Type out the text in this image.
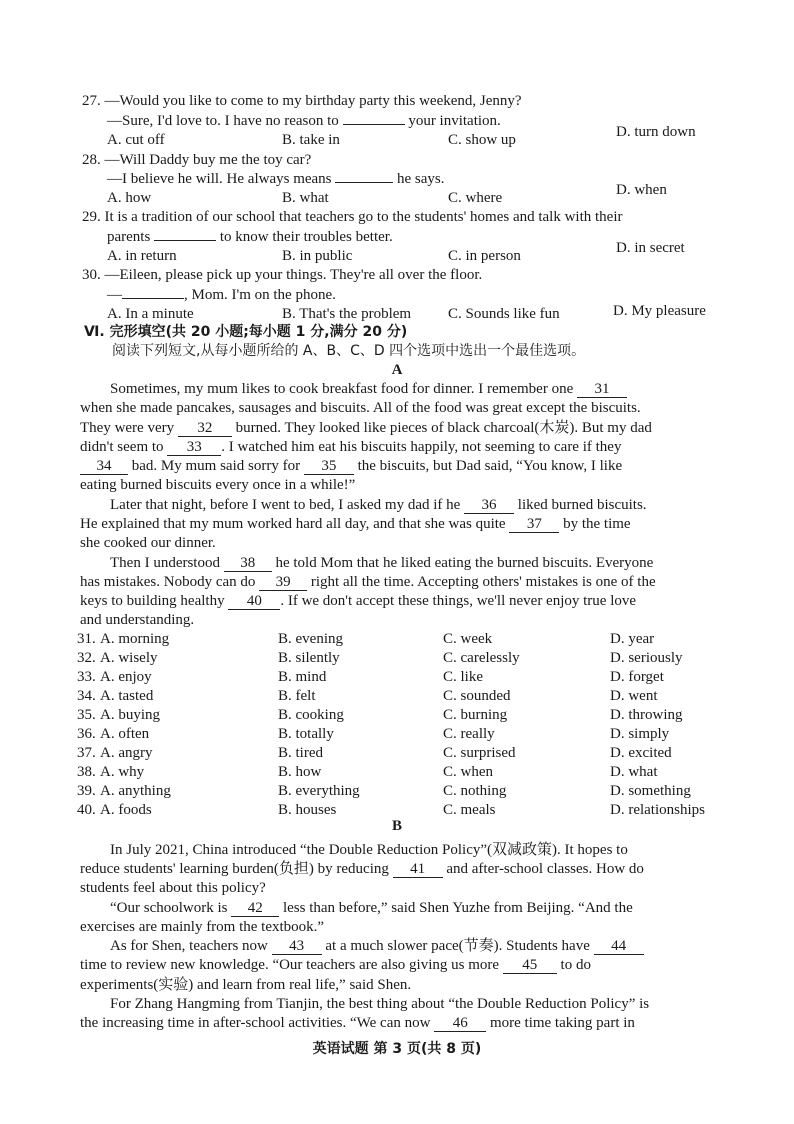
27. —Would you like to come to my birthday party this weekend, Jenny?
—Sure, I'd love to. I have no reason to	your invitation.
A. cut off	B. take in	C. show up	D. turn down
28. —Will Daddy buy me the toy car?
—I believe he will. He always means	he says.
A. how	B. what	C. where	D. when
29. It is a tradition of our school that teachers go to the students' homes and talk with their
parents	to know their troubles better.
A. in return	B. in public	C. in person	D. in secret
30. —Eileen, please pick up your things. They're all over the floor.
—	, Mom. I'm on the phone.
A. In a minute	B. That's the problem C. Sounds like fun	D. My pleasure
Ⅵ. 完形填空(共 20 小题;每小题 1 分,满分 20 分)
阅读下列短文,从每小题所给的 A、B、C、D 四个选项中选出一个最佳选项。
A
Sometimes, my mum likes to cook breakfast food for dinner. I remember one 31
when she made pancakes, sausages and biscuits. All of the food was great except the biscuits.
They were very 32 burned. They looked like pieces of black charcoal(木炭). But my dad
didn't seem to 33 . I watched him eat his biscuits happily, not seeming to care if they
34 bad. My mum said sorry for 35 the biscuits, but Dad said, “You know, I like
eating burned biscuits every once in a while!”
Later that night, before I went to bed, I asked my dad if he 36 liked burned biscuits.
He explained that my mum worked hard all day, and that she was quite 37 by the time
she cooked our dinner.
Then I understood 38 he told Mom that he liked eating the burned biscuits. Everyone
has mistakes. Nobody can do 39 right all the time. Accepting others' mistakes is one of the
keys to building healthy 40 . If we don't accept these things, we'll never enjoy true love
and understanding.
31. A. morning	B. evening	C. week	D. year
32. A. wisely	B. silently	C. carelessly	D. seriously
33. A. enjoy	B. mind	C. like	D. forget
34. A. tasted	B. felt	C. sounded	D. went
35. A. buying	B. cooking	C. burning	D. throwing
36. A. often	B. totally	C. really	D. simply
37. A. angry	B. tired	C. surprised	D. excited
38. A. why	B. how	C. when	D. what
39. A. anything	B. everything	C. nothing	D. something
40. A. foods	B. houses	C. meals	D. relationships
B
In July 2021, China introduced “the Double Reduction Policy”(双减政策). It hopes to
reduce students' learning burden(负担) by reducing 41 and after-school classes. How do
students feel about this policy?
“Our schoolwork is 42 less than before,” said Shen Yuzhe from Beijing. “And the
exercises are mainly from the textbook.”
As for Shen, teachers now 43 at a much slower pace(节奏). Students have 44
time to review new knowledge. “Our teachers are also giving us more 45 to do
experiments(实验) and learn from real life,” said Shen.
For Zhang Hangming from Tianjin, the best thing about “the Double Reduction Policy” is
the increasing time in after-school activities. “We can now 46 more time taking part in
英语试题 第 3 页(共 8 页)
